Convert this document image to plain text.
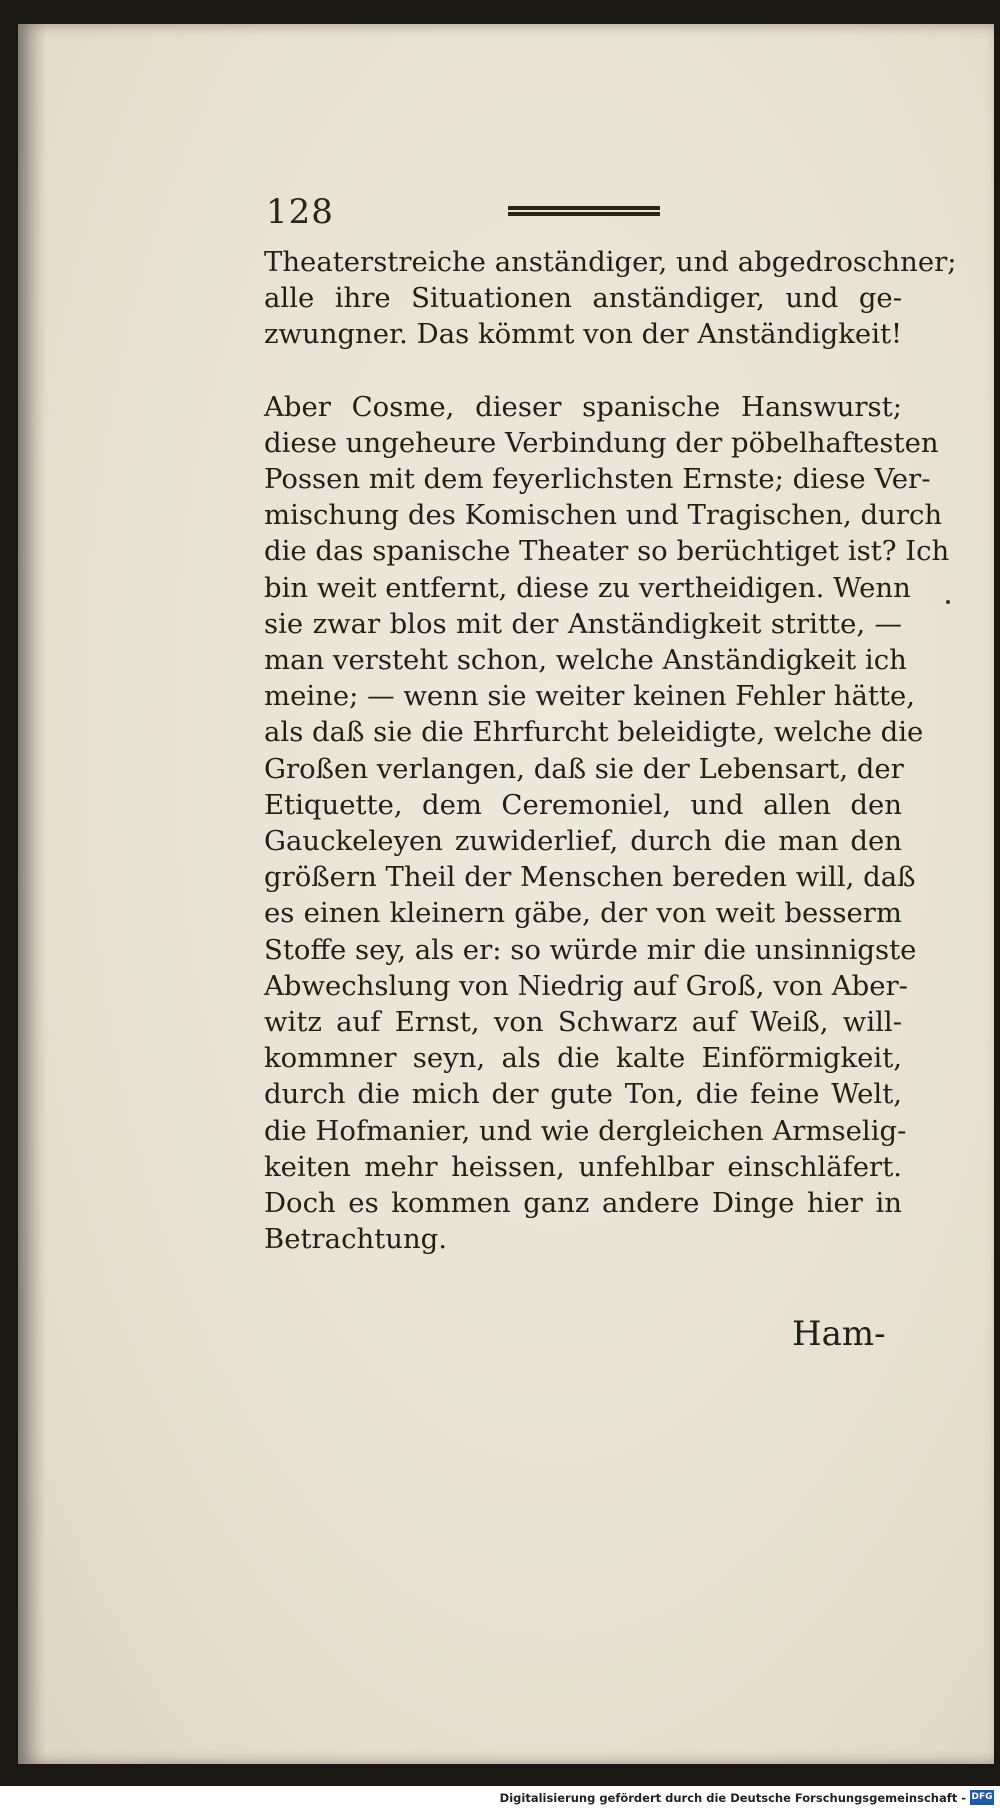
128

Theaterstreiche anständiger, und abgedroschner;
alle ihre Situationen anständiger, und ge-
zwungner. Das kömmt von der Anständigkeit!

Aber Cosme, dieser spanische Hanswurst;
diese ungeheure Verbindung der pöbelhaftesten
Possen mit dem feyerlichsten Ernste; diese Ver-
mischung des Komischen und Tragischen, durch
die das spanische Theater so berüchtiget ist? Ich
bin weit entfernt, diese zu vertheidigen. Wenn
sie zwar blos mit der Anständigkeit stritte, —
man versteht schon, welche Anständigkeit ich
meine; — wenn sie weiter keinen Fehler hätte,
als daß sie die Ehrfurcht beleidigte, welche die
Großen verlangen, daß sie der Lebensart, der
Etiquette, dem Ceremoniel, und allen den
Gauckeleyen zuwiderlief, durch die man den
größern Theil der Menschen bereden will, daß
es einen kleinern gäbe, der von weit besserm
Stoffe sey, als er: so würde mir die unsinnigste
Abwechslung von Niedrig auf Groß, von Aber-
witz auf Ernst, von Schwarz auf Weiß, will-
kommner seyn, als die kalte Einförmigkeit,
durch die mich der gute Ton, die feine Welt,
die Hofmanier, und wie dergleichen Armselig-
keiten mehr heissen, unfehlbar einschläfert.
Doch es kommen ganz andere Dinge hier in
Betrachtung.

Ham-
Digitalisierung gefördert durch die Deutsche Forschungsgemeinschaft - DFG
